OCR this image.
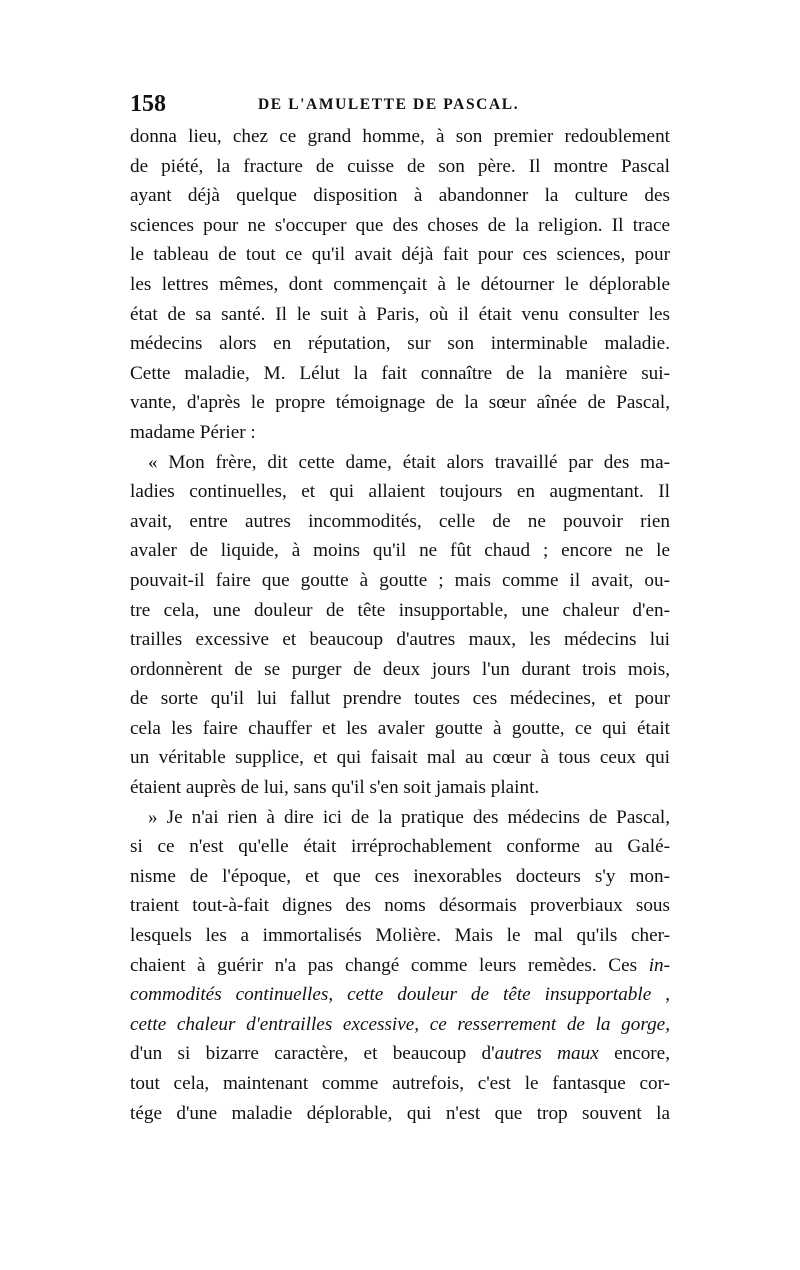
158	DE L'AMULETTE DE PASCAL.
donna lieu, chez ce grand homme, à son premier redoublement
de piété, la fracture de cuisse de son père. Il montre Pascal
ayant déjà quelque disposition à abandonner la culture des
sciences pour ne s'occuper que des choses de la religion. Il trace
le tableau de tout ce qu'il avait déjà fait pour ces sciences, pour
les lettres mêmes, dont commençait à le détourner le déplorable
état de sa santé. Il le suit à Paris, où il était venu consulter les
médecins alors en réputation, sur son interminable maladie.
Cette maladie, M. Lélut la fait connaître de la manière sui-
vante, d'après le propre témoignage de la sœur aînée de Pascal,
madame Périer :
« Mon frère, dit cette dame, était alors travaillé par des ma-
ladies continuelles, et qui allaient toujours en augmentant. Il
avait, entre autres incommodités, celle de ne pouvoir rien
avaler de liquide, à moins qu'il ne fût chaud ; encore ne le
pouvait-il faire que goutte à goutte ; mais comme il avait, ou-
tre cela, une douleur de tête insupportable, une chaleur d'en-
trailles excessive et beaucoup d'autres maux, les médecins lui
ordonnèrent de se purger de deux jours l'un durant trois mois,
de sorte qu'il lui fallut prendre toutes ces médecines, et pour
cela les faire chauffer et les avaler goutte à goutte, ce qui était
un véritable supplice, et qui faisait mal au cœur à tous ceux qui
étaient auprès de lui, sans qu'il s'en soit jamais plaint.
» Je n'ai rien à dire ici de la pratique des médecins de Pascal,
si ce n'est qu'elle était irréprochablement conforme au Galé-
nisme de l'époque, et que ces inexorables docteurs s'y mon-
traient tout-à-fait dignes des noms désormais proverbiaux sous
lesquels les a immortalisés Molière. Mais le mal qu'ils cher-
chaient à guérir n'a pas changé comme leurs remèdes. Ces in-
commodités continuelles, cette douleur de tête insupportable ,
cette chaleur d'entrailles excessive, ce resserrement de la gorge,
d'un si bizarre caractère, et beaucoup d'autres maux encore,
tout cela, maintenant comme autrefois, c'est le fantasque cor-
tége d'une maladie déplorable, qui n'est que trop souvent la
